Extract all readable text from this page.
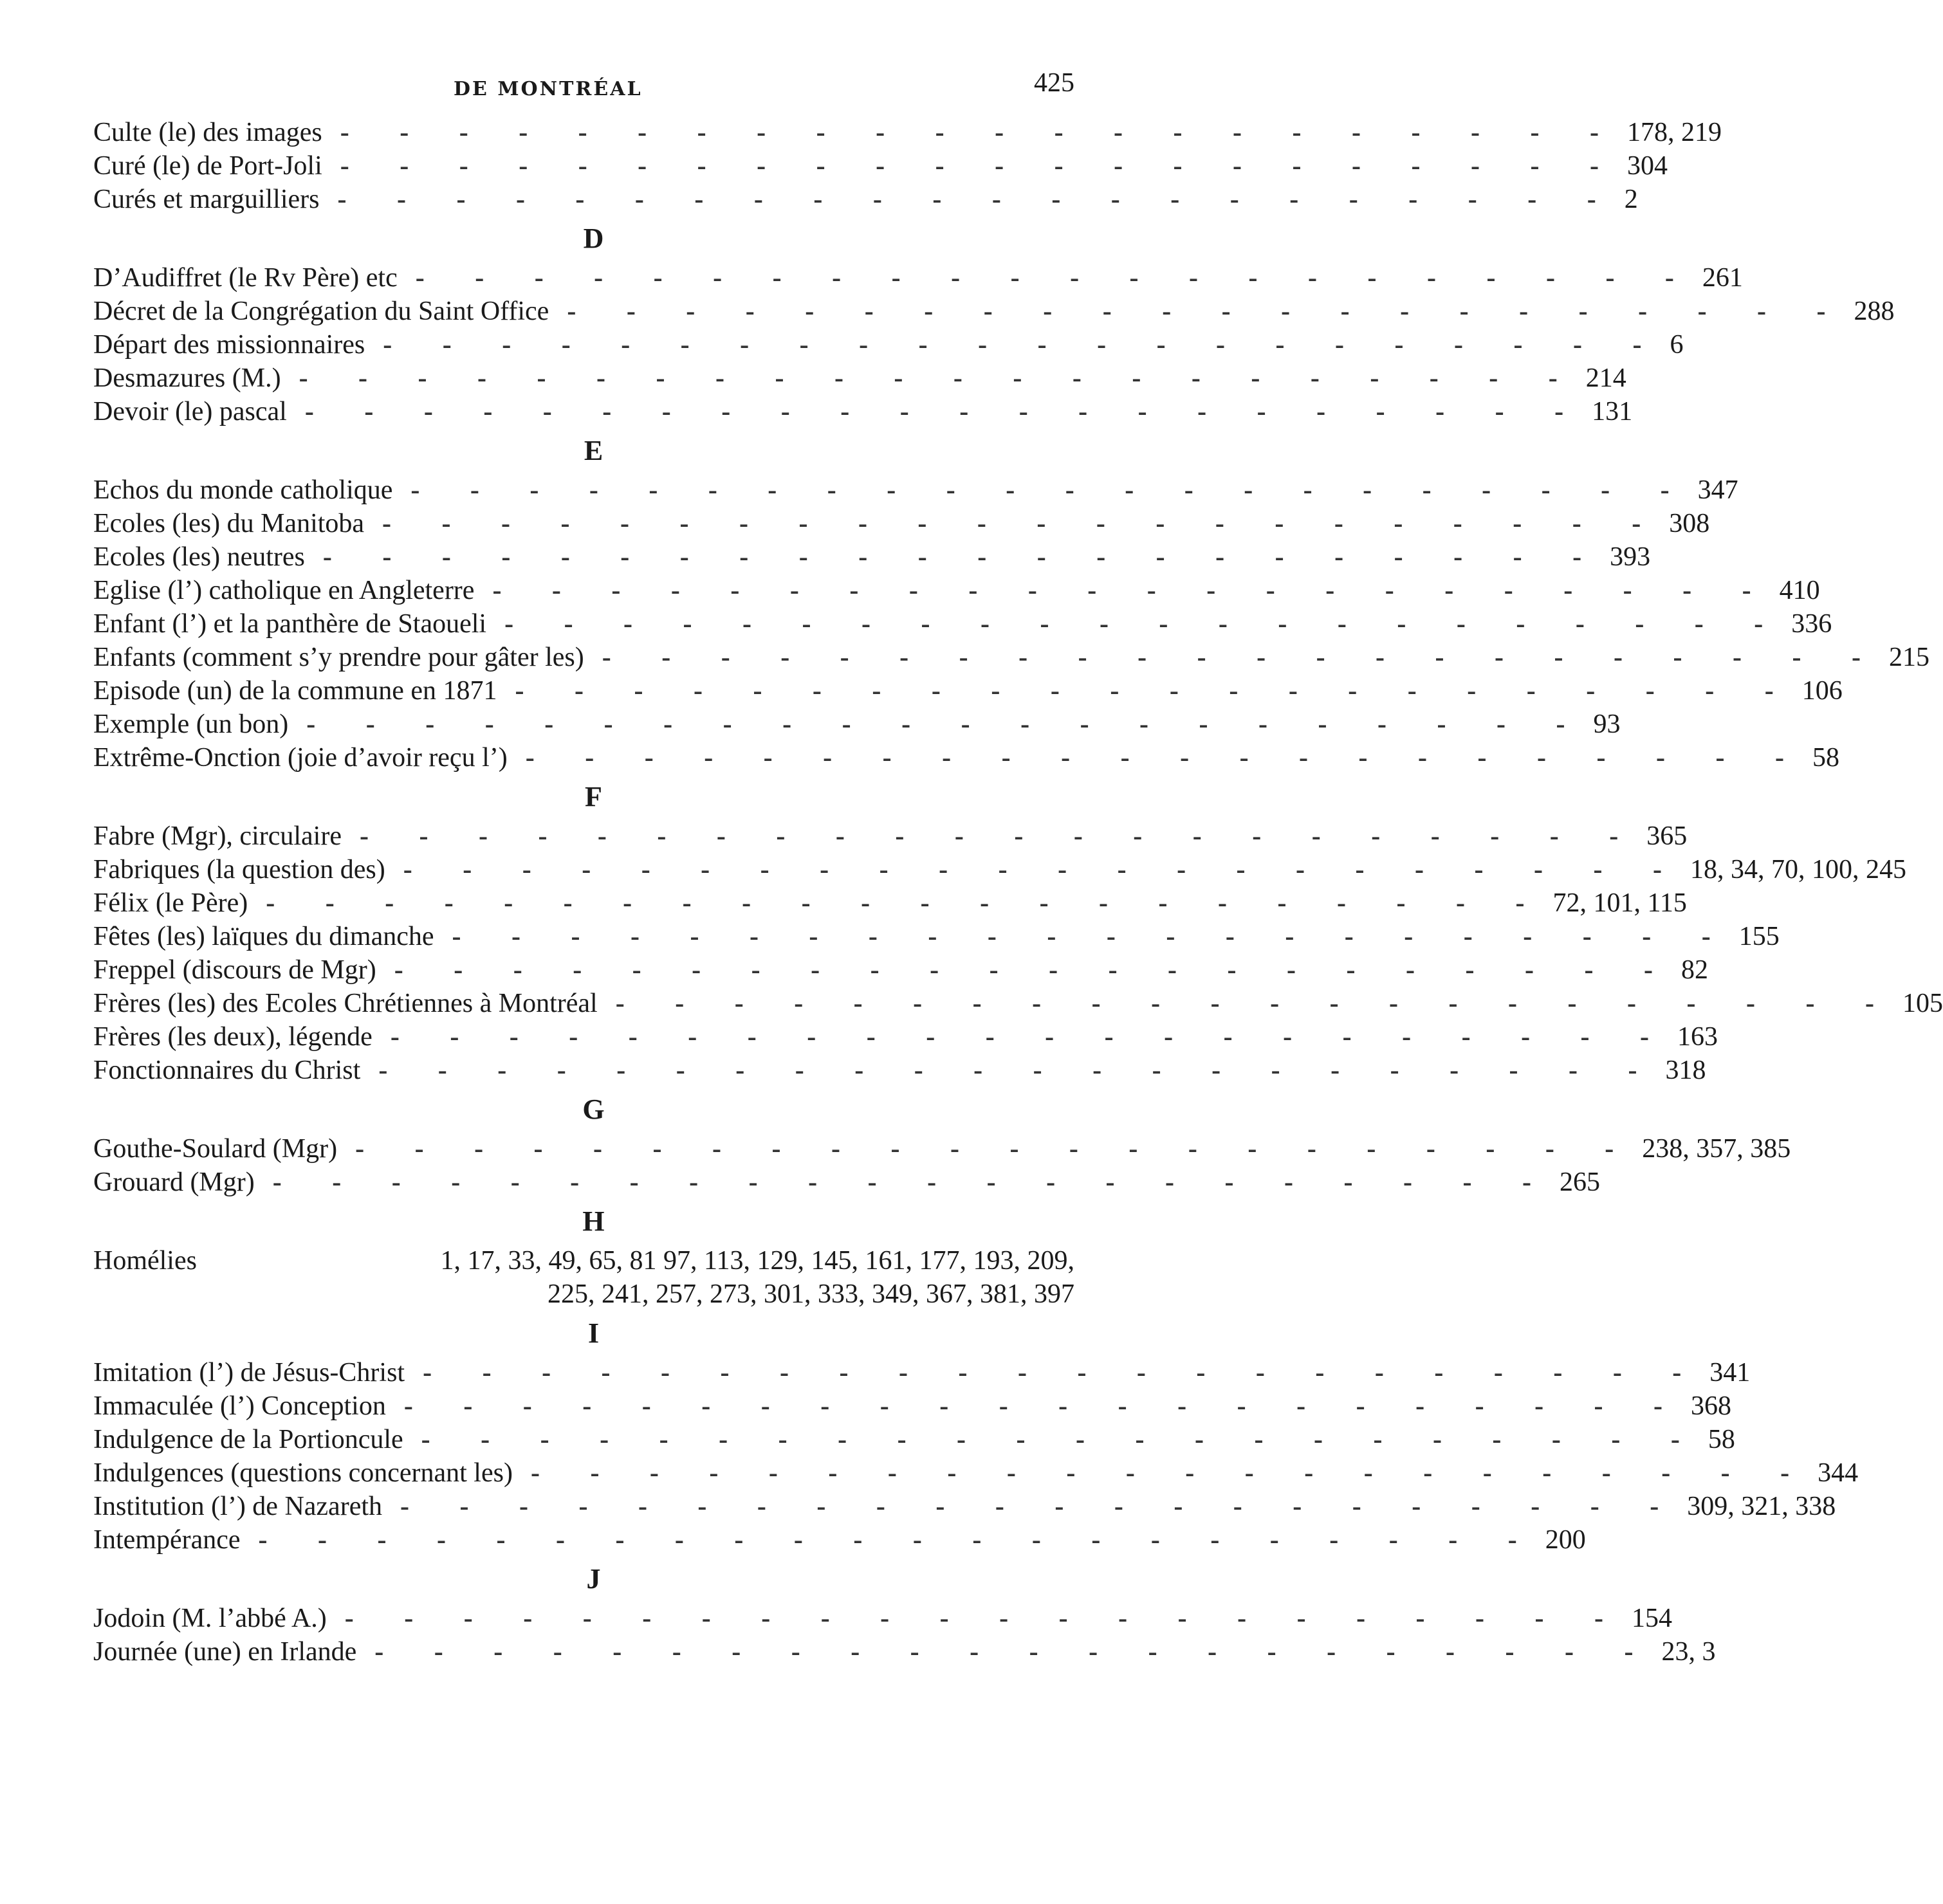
DE MONTRÉAL	425
Culte (le) des images - - - - - - - - - - - - - - - - - - - - - - 178, 219
Curé (le) de Port-Joli - - - - - - - - - - - - - - - - - - - - - - 304
Curés et marguilliers - - - - - - - - - - - - - - - - - - - - - - 2
D
D’Audiffret (le Rv Père) etc - - - - - - - - - - - - - - - - - - - - - - 261
Décret de la Congrégation du Saint Office - - - - - - - - - - - - - - - - - - - - - - 288
Départ des missionnaires - - - - - - - - - - - - - - - - - - - - - - 6
Desmazures (M.) - - - - - - - - - - - - - - - - - - - - - - 214
Devoir (le) pascal - - - - - - - - - - - - - - - - - - - - - - 131
E
Echos du monde catholique - - - - - - - - - - - - - - - - - - - - - - 347
Ecoles (les) du Manitoba - - - - - - - - - - - - - - - - - - - - - - 308
Ecoles (les) neutres - - - - - - - - - - - - - - - - - - - - - - 393
Eglise (l’) catholique en Angleterre - - - - - - - - - - - - - - - - - - - - - - 410
Enfant (l’) et la panthère de Staoueli - - - - - - - - - - - - - - - - - - - - - - 336
Enfants (comment s’y prendre pour gâter les) - - - - - - - - - - - - - - - - - - - - - - 215
Episode (un) de la commune en 1871 - - - - - - - - - - - - - - - - - - - - - - 106
Exemple (un bon) - - - - - - - - - - - - - - - - - - - - - - 93
Extrême-Onction (joie d’avoir reçu l’) - - - - - - - - - - - - - - - - - - - - - - 58
F
Fabre (Mgr), circulaire - - - - - - - - - - - - - - - - - - - - - - 365
Fabriques (la question des) - - - - - - - - - - - - - - - - - - - - - - 18, 34, 70, 100, 245
Félix (le Père) - - - - - - - - - - - - - - - - - - - - - - 72, 101, 115
Fêtes (les) laïques du dimanche - - - - - - - - - - - - - - - - - - - - - - 155
Freppel (discours de Mgr) - - - - - - - - - - - - - - - - - - - - - - 82
Frères (les) des Ecoles Chrétiennes à Montréal - - - - - - - - - - - - - - - - - - - - - - 105
Frères (les deux), légende - - - - - - - - - - - - - - - - - - - - - - 163
Fonctionnaires du Christ - - - - - - - - - - - - - - - - - - - - - - 318
G
Gouthe-Soulard (Mgr) - - - - - - - - - - - - - - - - - - - - - - 238, 357, 385
Grouard (Mgr) - - - - - - - - - - - - - - - - - - - - - - 265
H
Homélies	1, 17, 33, 49, 65, 81 97, 113, 129, 145, 161, 177, 193, 209,
225, 241, 257, 273, 301, 333, 349, 367, 381, 397
I
Imitation (l’) de Jésus-Christ - - - - - - - - - - - - - - - - - - - - - - 341
Immaculée (l’) Conception - - - - - - - - - - - - - - - - - - - - - - 368
Indulgence de la Portioncule - - - - - - - - - - - - - - - - - - - - - - 58
Indulgences (questions concernant les) - - - - - - - - - - - - - - - - - - - - - - 344
Institution (l’) de Nazareth - - - - - - - - - - - - - - - - - - - - - - 309, 321, 338
Intempérance - - - - - - - - - - - - - - - - - - - - - - 200
J
Jodoin (M. l’abbé A.) - - - - - - - - - - - - - - - - - - - - - - 154
Journée (une) en Irlande - - - - - - - - - - - - - - - - - - - - - - 23, 3
